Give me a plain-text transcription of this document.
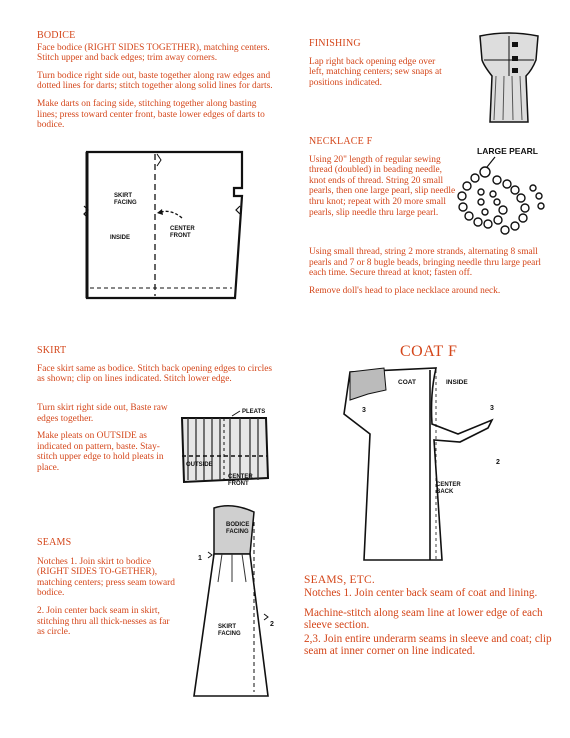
BODICE

Face bodice (RIGHT SIDES TOGETHER), matching centers. Stitch upper and back edges; trim away corners.

Turn bodice right side out, baste together along raw edges and dotted lines for darts; stitch together along solid lines for darts.

Make darts on facing side, stitching together along basting lines; press toward center front, baste lower edges of darts to bodice.

SKIRT FACING
INSIDE
CENTER FRONT
FINISHING

Lap right back opening edge over left, matching centers; sew snaps at positions indicated.

NECKLACE F

Using 20" length of regular sewing thread (doubled) in beading needle, knot ends of thread. String 20 small pearls, then one large pearl, slip needle thru knot; repeat with 20 more small pearls, slip needle thru large pearl.

Using small thread, string 2 more strands, alternating 8 small pearls and 7 or 8 bugle beads, bringing needle thru large pearl each time. Secure thread at knot; fasten off.

Remove doll's head to place necklace around neck.

LARGE PEARL
SKIRT

Face skirt same as bodice. Stitch back opening edges to circles as shown; clip on lines indicated. Stitch lower edge.

Turn skirt right side out, Baste raw edges together.

Make pleats on OUTSIDE as indicated on pattern, baste. Stay-stitch upper edge to hold pleats in place.

PLEATS
OUTSIDE
CENTER FRONT
SEAMS

Notches 1. Join skirt to bodice (RIGHT SIDES TO-GETHER), matching centers; press seam toward bodice.

2. Join center back seam in skirt, stitching thru all thick-nesses as far as circle.

BODICE FACING
SKIRT FACING
1
2
COAT F
COAT	INSIDE
CENTER BACK
2
3	3
SEAMS, ETC.

Notches 1. Join center back seam of coat and lining.

Machine-stitch along seam line at lower edge of each sleeve section.

2,3. Join entire underarm seams in sleeve and coat; clip seam at inner corner on line indicated.
